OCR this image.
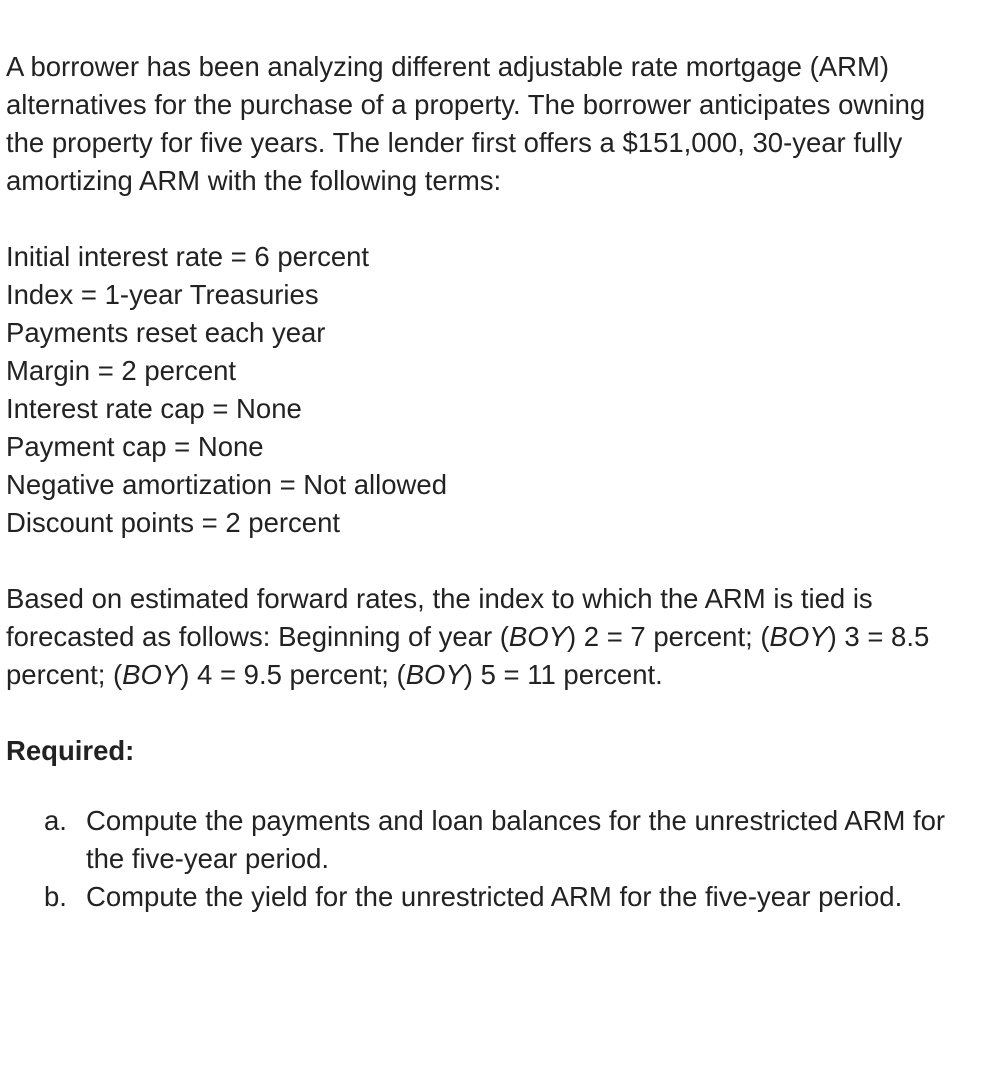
A borrower has been analyzing different adjustable rate mortgage (ARM) alternatives for the purchase of a property. The borrower anticipates owning the property for five years. The lender first offers a $151,000, 30-year fully amortizing ARM with the following terms:

Initial interest rate = 6 percent
Index = 1-year Treasuries
Payments reset each year
Margin = 2 percent
Interest rate cap = None
Payment cap = None
Negative amortization = Not allowed
Discount points = 2 percent

Based on estimated forward rates, the index to which the ARM is tied is forecasted as follows: Beginning of year (BOY) 2 = 7 percent; (BOY) 3 = 8.5 percent; (BOY) 4 = 9.5 percent; (BOY) 5 = 11 percent.

Required:

a. Compute the payments and loan balances for the unrestricted ARM for the five-year period.
b. Compute the yield for the unrestricted ARM for the five-year period.
